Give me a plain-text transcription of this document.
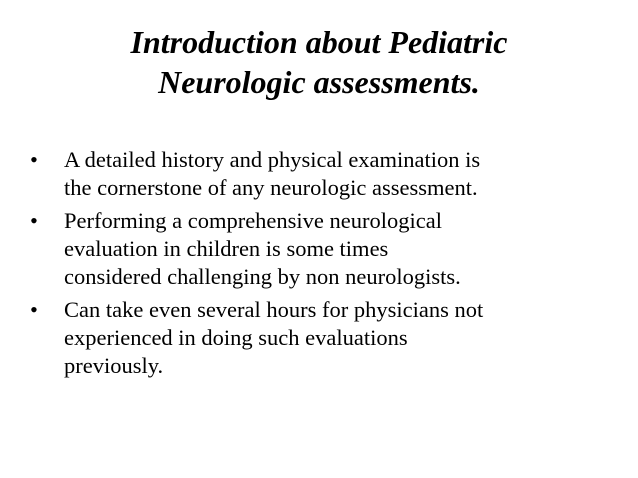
Introduction about Pediatric
Neurologic assessments.
•	A detailed history and physical examination is
the cornerstone of any neurologic assessment.
•	Performing a comprehensive neurological
evaluation in children is some times
considered challenging by non neurologists.
•	Can take even several hours for physicians not
experienced in doing such evaluations
previously.
